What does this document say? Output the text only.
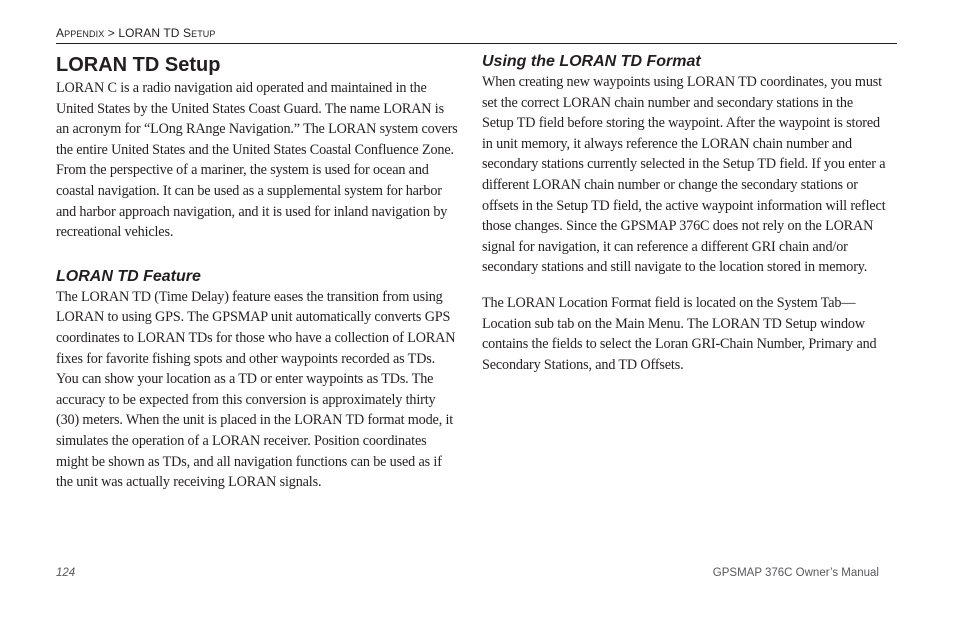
APPENDIX > LORAN TD SETUP
LORAN TD Setup

LORAN C is a radio navigation aid operated and maintained in the United States by the United States Coast Guard. The name LORAN is an acronym for “LOng RAnge Navigation.” The LORAN system covers the entire United States and the United States Coastal Confluence Zone. From the perspective of a mariner, the system is used for ocean and coastal navigation. It can be used as a supplemental system for harbor and harbor approach navigation, and it is used for inland navigation by recreational vehicles.

LORAN TD Feature

The LORAN TD (Time Delay) feature eases the transition from using LORAN to using GPS. The GPSMAP unit automatically converts GPS coordinates to LORAN TDs for those who have a collection of LORAN fixes for favorite fishing spots and other waypoints recorded as TDs. You can show your location as a TD or enter waypoints as TDs. The accuracy to be expected from this conversion is approximately thirty (30) meters. When the unit is placed in the LORAN TD format mode, it simulates the operation of a LORAN receiver. Position coordinates might be shown as TDs, and all navigation functions can be used as if the unit was actually receiving LORAN signals.

Using the LORAN TD Format

When creating new waypoints using LORAN TD coordinates, you must set the correct LORAN chain number and secondary stations in the Setup TD field before storing the waypoint. After the waypoint is stored in unit memory, it always reference the LORAN chain number and secondary stations currently selected in the Setup TD field. If you enter a different LORAN chain number or change the secondary stations or offsets in the Setup TD field, the active waypoint information will reflect those changes. Since the GPSMAP 376C does not rely on the LORAN signal for navigation, it can reference a different GRI chain and/or secondary stations and still navigate to the location stored in memory.

The LORAN Location Format field is located on the System Tab—Location sub tab on the Main Menu. The LORAN TD Setup window contains the fields to select the Loran GRI-Chain Number, Primary and Secondary Stations, and TD Offsets.

124	GPSMAP 376C Owner’s Manual
